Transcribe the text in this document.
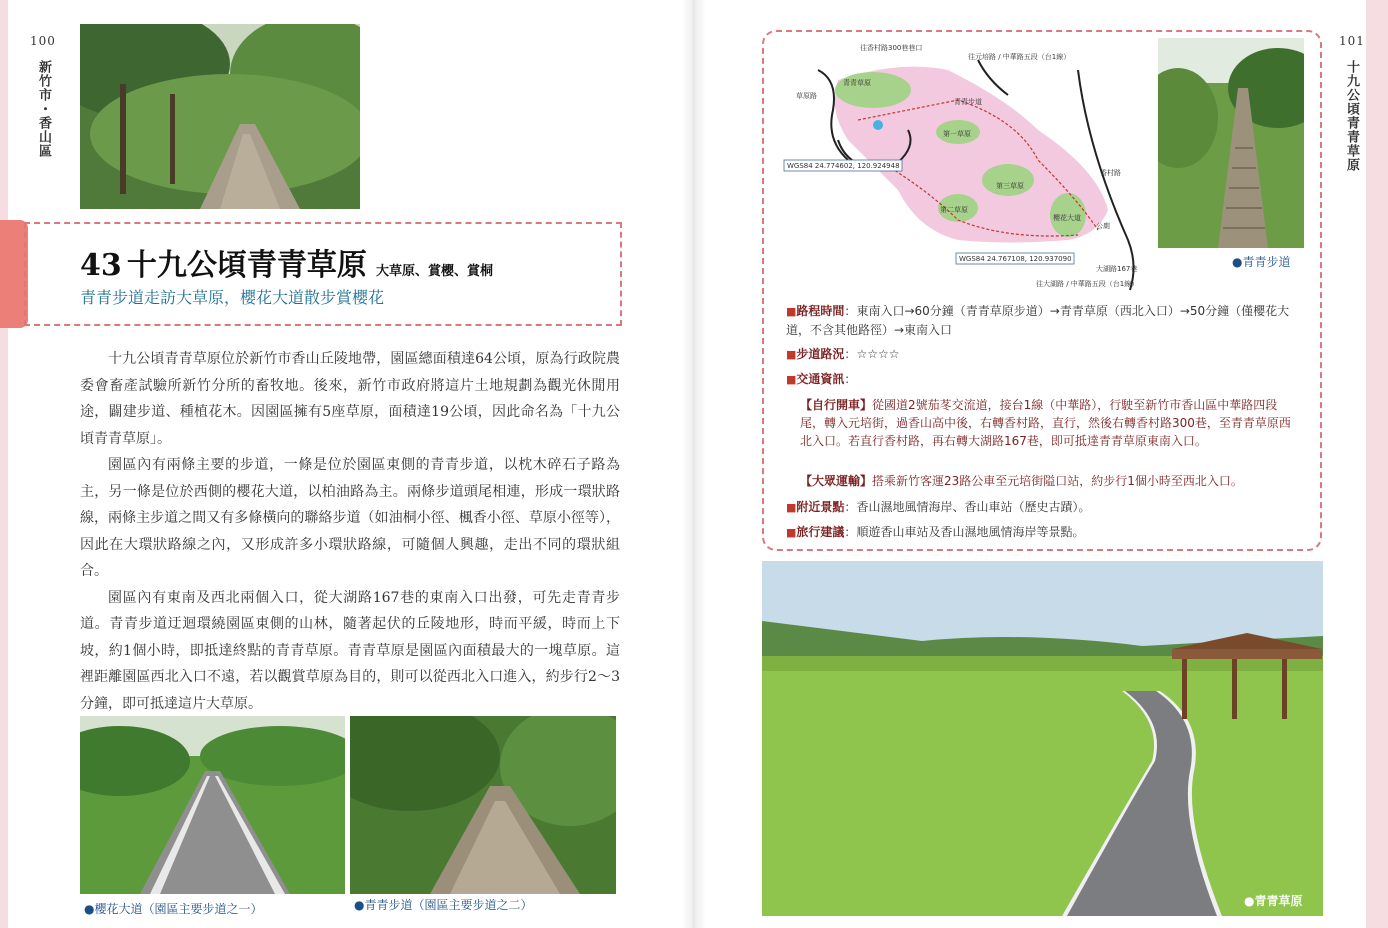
100
新竹市・香山區
43 十九公頃青青草原 大草原、賞櫻、賞桐
青青步道走訪大草原，櫻花大道散步賞櫻花

十九公頃青青草原位於新竹市香山丘陵地帶，園區總面積達64公頃，原為行政院農委會畜產試驗所新竹分所的畜牧地。後來，新竹市政府將這片土地規劃為觀光休閒用途，闢建步道、種植花木。因園區擁有5座草原，面積達19公頃，因此命名為「十九公頃青青草原」。

園區內有兩條主要的步道，一條是位於園區東側的青青步道，以枕木碎石子路為主，另一條是位於西側的櫻花大道，以柏油路為主。兩條步道頭尾相連，形成一環狀路線，兩條主步道之間又有多條橫向的聯絡步道（如油桐小徑、楓香小徑、草原小徑等），因此在大環狀路線之內，又形成許多小環狀路線，可隨個人興趣，走出不同的環狀組合。

園區內有東南及西北兩個入口，從大湖路167巷的東南入口出發，可先走青青步道。青青步道迂迴環繞園區東側的山林，隨著起伏的丘陵地形，時而平緩，時而上下坡，約1個小時，即抵達終點的青青草原。青青草原是園區內面積最大的一塊草原。這裡距離園區西北入口不遠，若以觀賞草原為目的，則可以從西北入口進入，約步行2～3分鐘，即可抵達這片大草原。

●櫻花大道（園區主要步道之一）	●青青步道（園區主要步道之二）
101
十九公頃青青草原
往香村路300巷巷口
往元培路 / 中華路五段（台1線）
草原路
青青草原
青青步道
第一草原
香村路
第三草原
第二草原
櫻花大道
公廁
WGS84 24.774602, 120.924948
WGS84 24.767108, 120.937090
大湖路167巷
往大湖路 / 中華路五段（台1線）
●青青步道
■路程時間：東南入口→60分鐘（青青草原步道）→青青草原（西北入口）→50分鐘（僅櫻花大道，不含其他路徑）→東南入口
■步道路況：☆☆☆☆
■交通資訊：
【自行開車】從國道2號茄苳交流道，接台1線（中華路），行駛至新竹市香山區中華路四段尾，轉入元培街，過香山高中後，右轉香村路，直行，然後右轉香村路300巷，至青青草原西北入口。若直行香村路，再右轉大湖路167巷，即可抵達青青草原東南入口。
【大眾運輸】搭乘新竹客運23路公車至元培街隘口站，約步行1個小時至西北入口。
■附近景點：香山濕地風情海岸、香山車站（歷史古蹟）。
■旅行建議：順遊香山車站及香山濕地風情海岸等景點。
●青青草原
